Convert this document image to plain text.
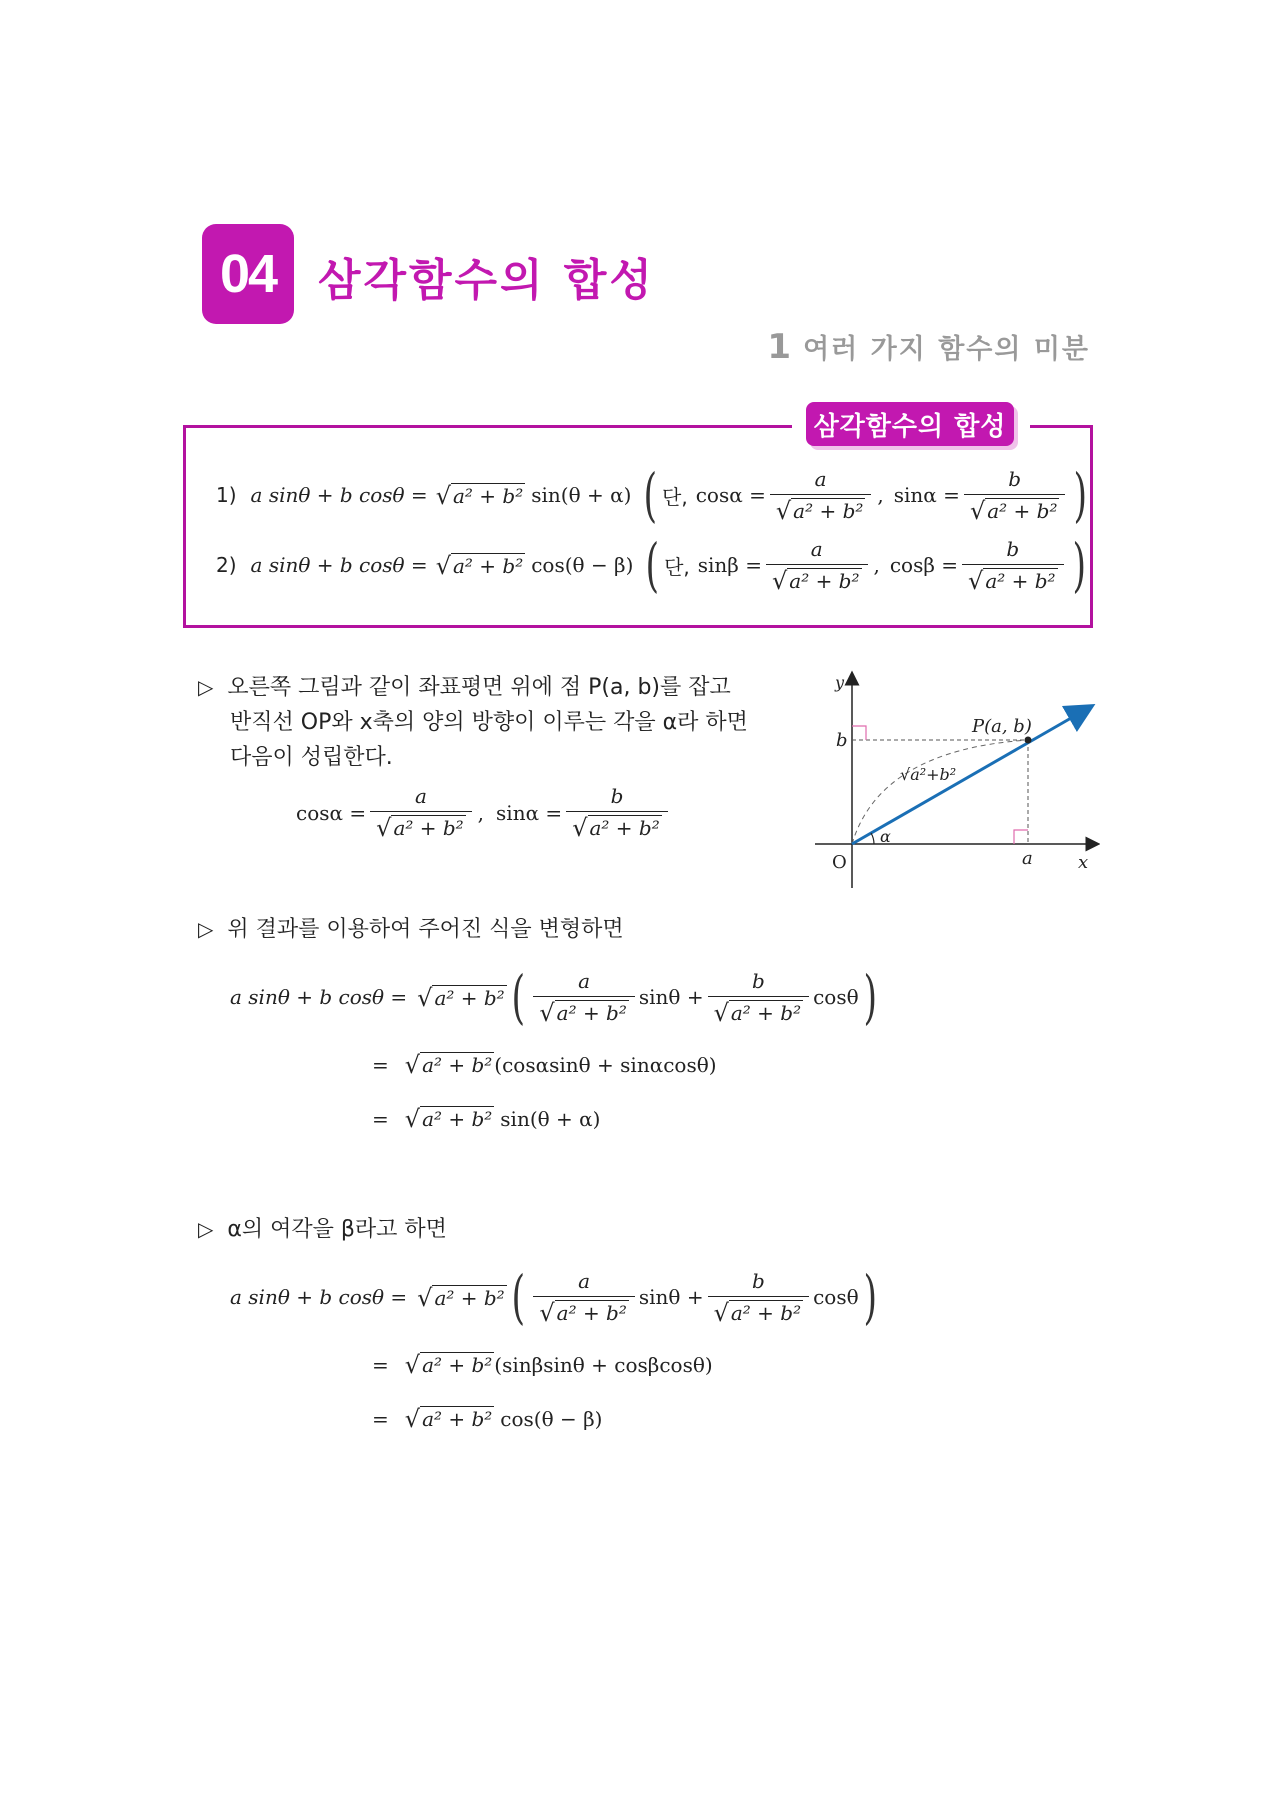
04 삼각함수의 합성
1 여러 가지 함수의 미분
삼각함수의 합성
1) a sinθ + b cosθ = √ a² + b² sin(θ + α) ( 단, $\cos\alpha = \frac{a}{\text{√ a² + b²}}$ , $\sin\alpha = \frac{b}{\text{√ a² + b²}}$ )
2) a sinθ + b cosθ = √ a² + b² cos(θ − β) ( 단, $\sin\beta = \frac{a}{\text{√ a² + b²}}$ , $\cos\beta = \frac{b}{\text{√ a² + b²}}$ )
▷ 오른쪽 그림과 같이 좌표평면 위에 점 P(a, b)를 잡고
반직선 OP와 x축의 양의 방향이 이루는 각을 α라 하면
다음이 성립한다.
$\cos\alpha = \frac{a}{\text{√ a² + b²}}$ , $\sin\alpha = \frac{b}{\text{√ a² + b²}}$
y
x
O
P(a, b)
b
a
α
√a²+b²
▷ 위 결과를 이용하여 주어진 식을 변형하면
a sinθ + b cosθ = √ a² + b² ( $\frac{a}{\text{√ a² + b²}}$ $\sin\theta + \frac{b}{\text{√ a² + b²}}$ cosθ )
= √ a² + b² (cosαsinθ + sinαcosθ)
= √ a² + b² sin(θ + α)
▷ α의 여각을 β라고 하면
a sinθ + b cosθ = √ a² + b² ( $\frac{a}{\text{√ a² + b²}}$ $\sin\theta + \frac{b}{\text{√ a² + b²}}$ cosθ )
= √ a² + b² (sinβsinθ + cosβcosθ)
= √ a² + b² cos(θ − β)
